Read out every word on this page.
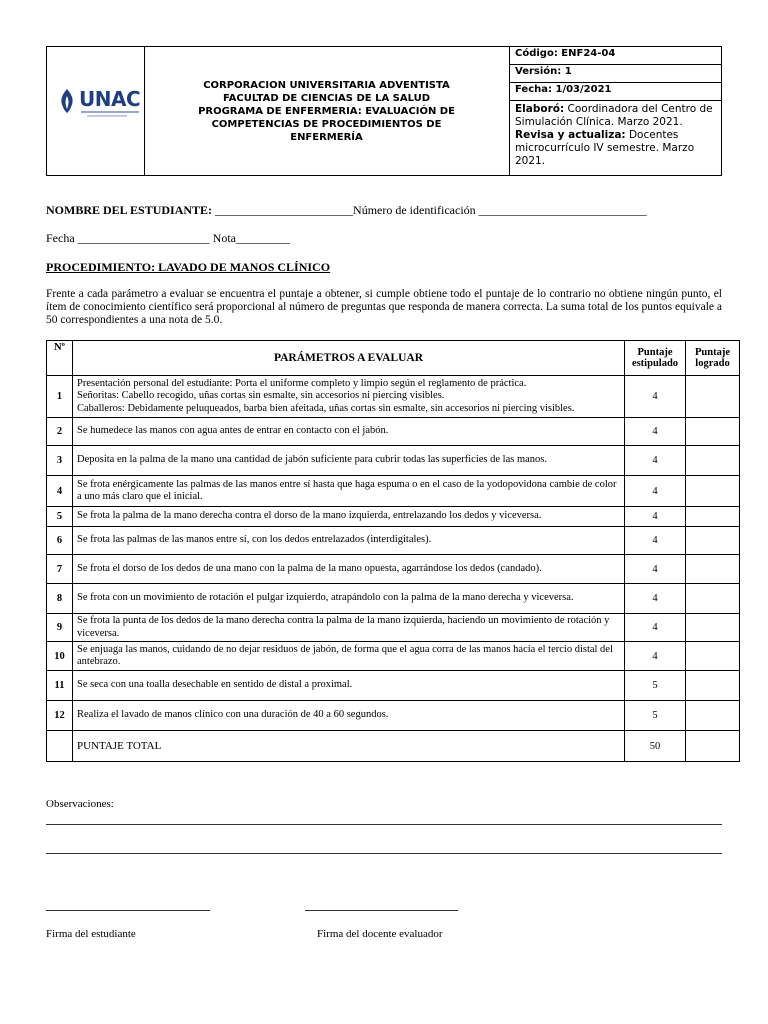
UNAC
CORPORACION UNIVERSITARIA ADVENTISTA
FACULTAD DE CIENCIAS DE LA SALUD
PROGRAMA DE ENFERMERIA: EVALUACIÓN DE
COMPETENCIAS DE PROCEDIMIENTOS DE
ENFERMERÍA
Código: ENF24-04
Versión: 1
Fecha: 1/03/2021
Elaboró: Coordinadora del Centro de Simulación Clínica. Marzo 2021.
Revisa y actualiza: Docentes microcurrículo IV semestre. Marzo 2021.
NOMBRE DEL ESTUDIANTE: _______________________Número de identificación ____________________________
Fecha ______________________ Nota_________
PROCEDIMIENTO: LAVADO DE MANOS CLÍNICO
Frente a cada parámetro a evaluar se encuentra el puntaje a obtener, si cumple obtiene todo el puntaje de lo contrario no obtiene ningún punto, el ítem de conocimiento científico será proporcional al número de preguntas que responda de manera correcta. La suma total de los puntos equivale a 50 correspondientes a una nota de 5.0.
Nº	PARÁMETROS A EVALUAR	Puntaje estipulado	Puntaje logrado
1	Presentación personal del estudiante: Porta el uniforme completo y limpio según el reglamento de práctica.
Señoritas: Cabello recogido, uñas cortas sin esmalte, sin accesorios ni piercing visibles.
Caballeros: Debidamente peluqueados, barba bien afeitada, uñas cortas sin esmalte, sin accesorios ni piercing visibles.	4	
2	Se humedece las manos con agua antes de entrar en contacto con el jabón.	4	
3	Deposita en la palma de la mano una cantidad de jabón suficiente para cubrir todas las superficies de las manos.	4	
4	Se frota enérgicamente las palmas de las manos entre sí hasta que haga espuma o en el caso de la yodopovidona cambie de color a uno más claro que el inicial.	4	
5	Se frota la palma de la mano derecha contra el dorso de la mano izquierda, entrelazando los dedos y viceversa.	4	
6	Se frota las palmas de las manos entre sí, con los dedos entrelazados (interdigitales).	4	
7	Se frota el dorso de los dedos de una mano con la palma de la mano opuesta, agarrándose los dedos (candado).	4	
8	Se frota con un movimiento de rotación el pulgar izquierdo, atrapándolo con la palma de la mano derecha y viceversa.	4	
9	Se frota la punta de los dedos de la mano derecha contra la palma de la mano izquierda, haciendo un movimiento de rotación y viceversa.	4	
10	Se enjuaga las manos, cuidando de no dejar residuos de jabón, de forma que el agua corra de las manos hacia el tercio distal del antebrazo.	4	
11	Se seca con una toalla desechable en sentido de distal a proximal.	5	
12	Realiza el lavado de manos clínico con una duración de 40 a 60 segundos.	5	
	PUNTAJE TOTAL	50	
Observaciones:
Firma del estudiante	Firma del docente evaluador
